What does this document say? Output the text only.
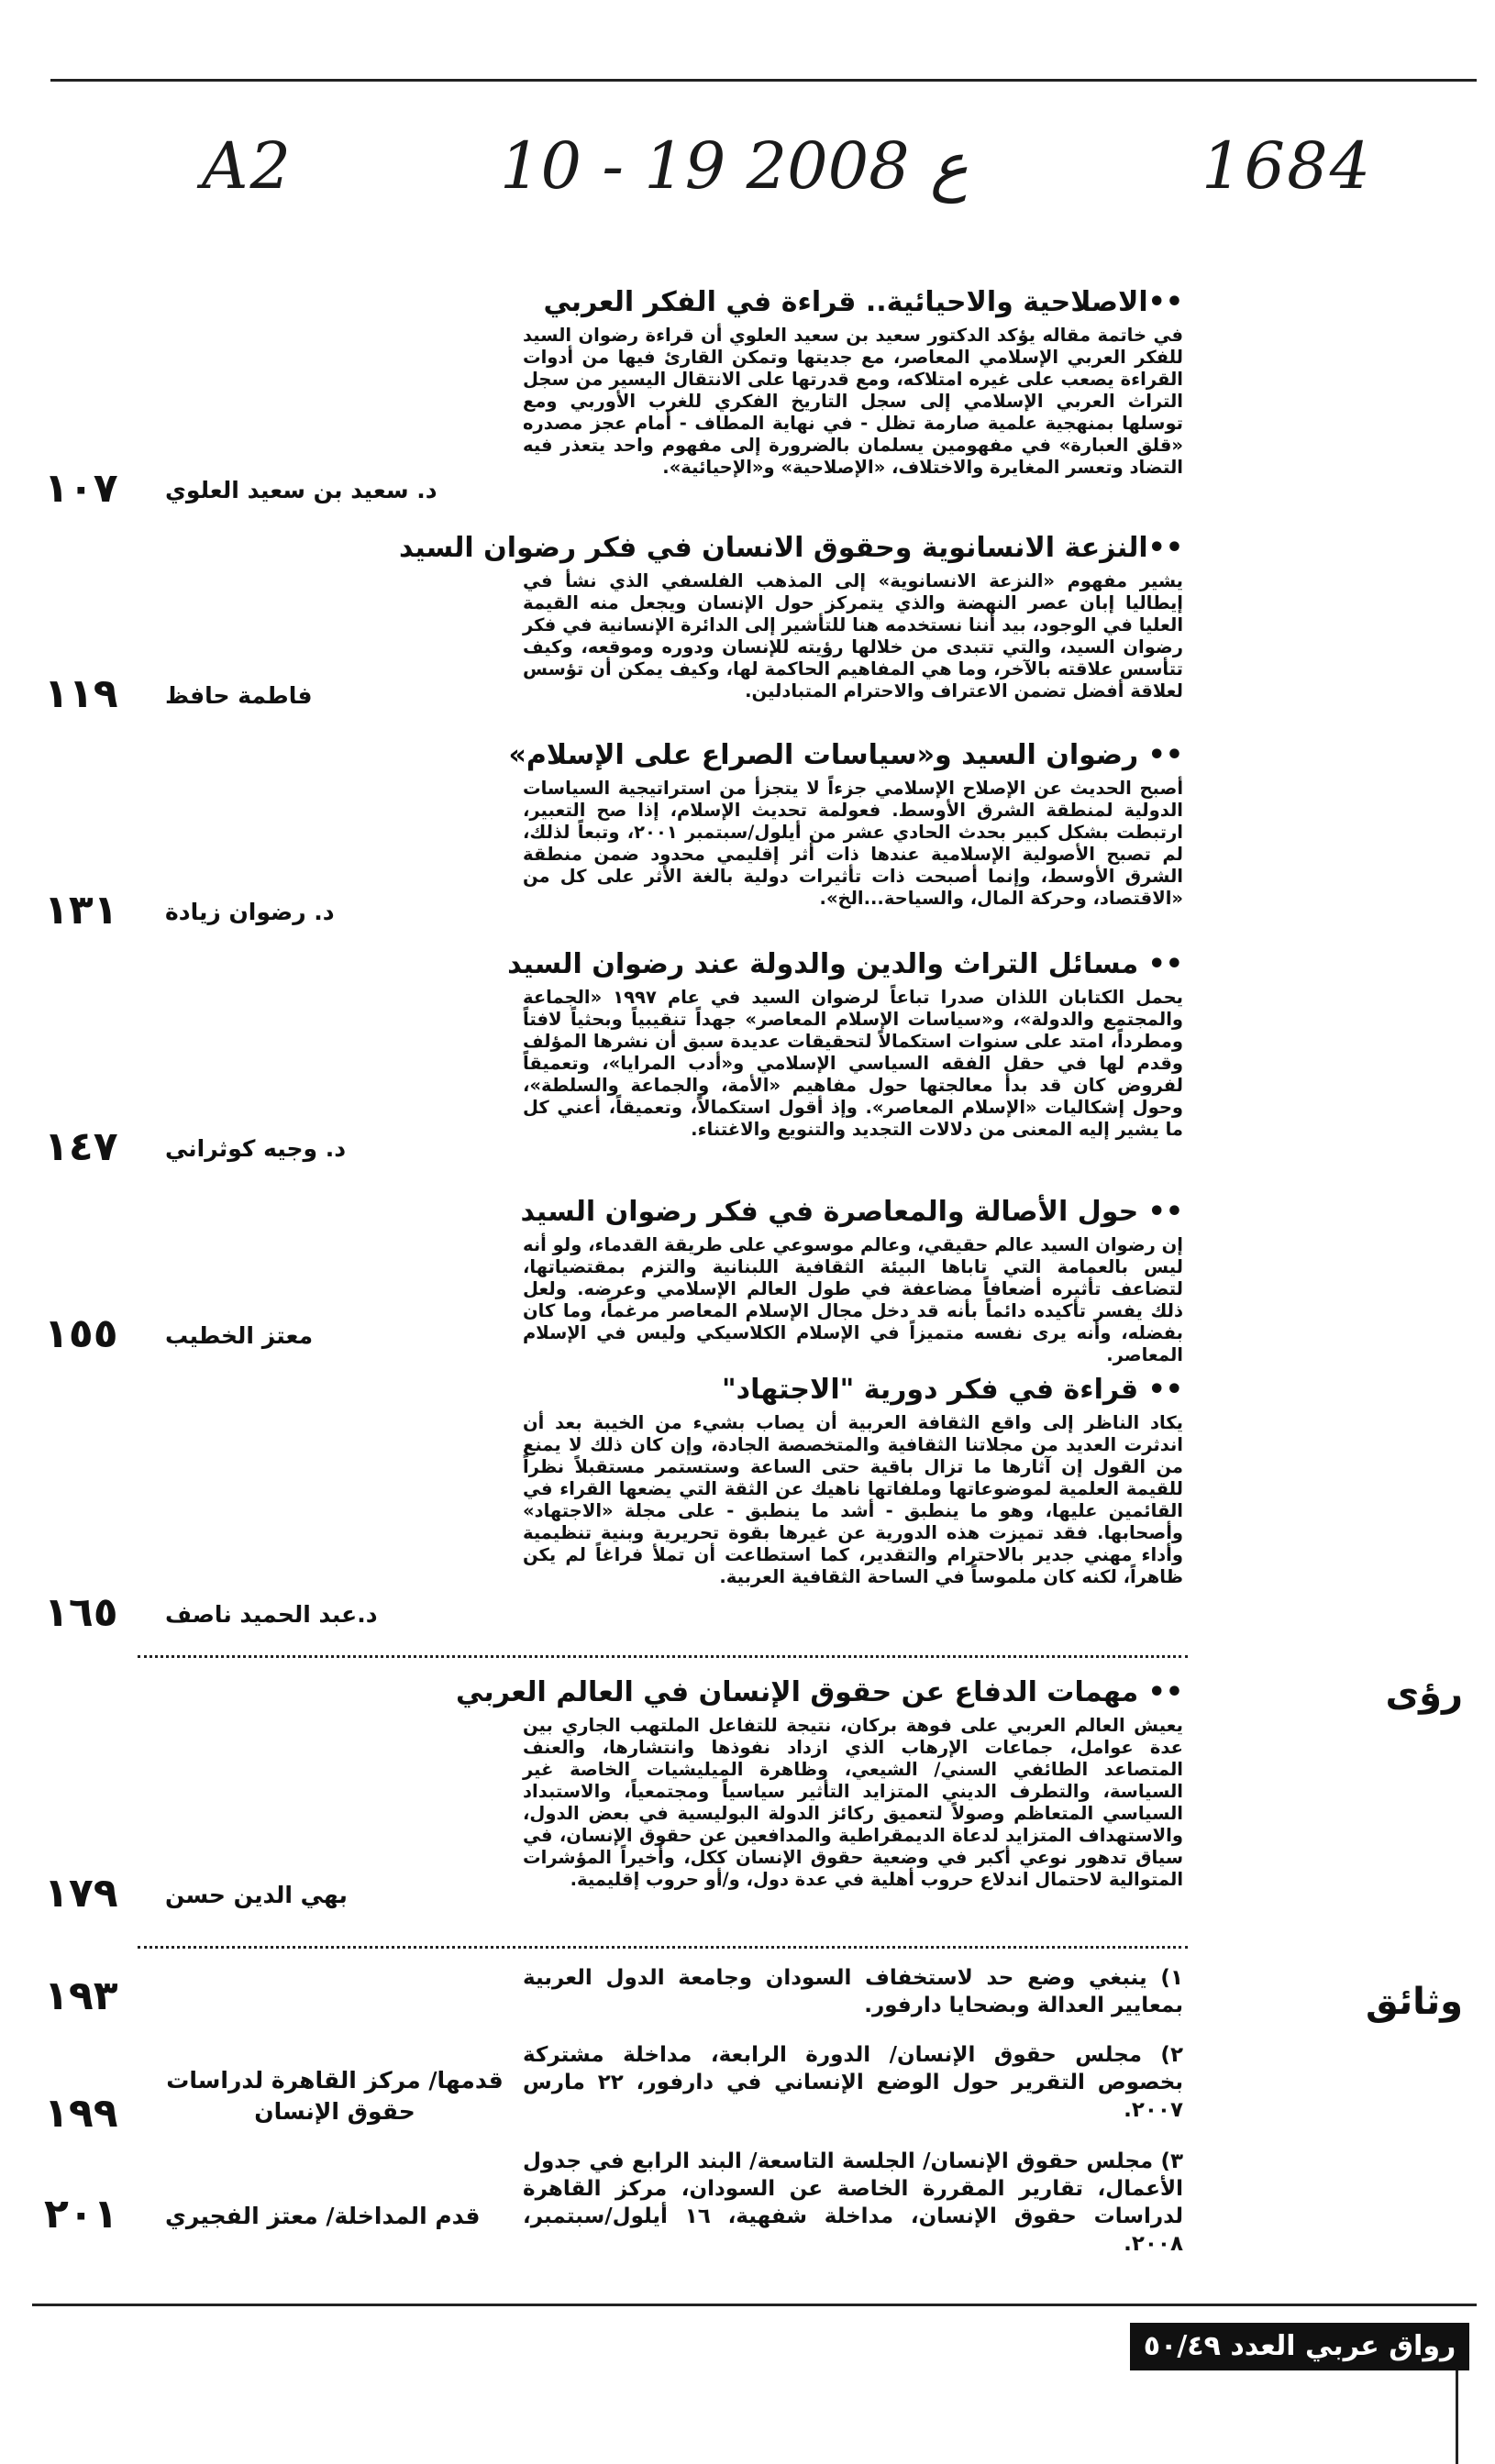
A2	10 - 19 ع 2008	1684
••الاصلاحية والاحيائية.. قراءة في الفكر العربي

في خاتمة مقاله يؤكد الدكتور سعيد بن سعيد العلوي أن قراءة رضوان السيد للفكر العربي الإسلامي المعاصر، مع جديتها وتمكن القارئ فيها من أدوات القراءة يصعب على غيره امتلاكه، ومع قدرتها على الانتقال اليسير من سجل التراث العربي الإسلامي إلى سجل التاريخ الفكري للغرب الأوربي ومع توسلها بمنهجية علمية صارمة تظل - في نهاية المطاف - أمام عجز مصدره «قلق العبارة» في مفهومين يسلمان بالضرورة إلى مفهوم واحد يتعذر فيه التضاد وتعسر المغايرة والاختلاف، «الإصلاحية» و«الإحيائية».

د. سعيد بن سعيد العلوي
١٠٧
••النزعة الانسانوية وحقوق الانسان في فكر رضوان السيد

يشير مفهوم «النزعة الانسانوية» إلى المذهب الفلسفي الذي نشأ في إيطاليا إبان عصر النهضة والذي يتمركز حول الإنسان ويجعل منه القيمة العليا في الوجود، بيد أننا نستخدمه هنا للتأشير إلى الدائرة الإنسانية في فكر رضوان السيد، والتي تتبدى من خلالها رؤيته للإنسان ودوره وموقعه، وكيف تتأسس علاقته بالآخر، وما هي المفاهيم الحاكمة لها، وكيف يمكن أن تؤسس لعلاقة أفضل تضمن الاعتراف والاحترام المتبادلين.

فاطمة حافظ
١١٩
•• رضوان السيد و«سياسات الصراع على الإسلام»

أصبح الحديث عن الإصلاح الإسلامي جزءاً لا يتجزأ من استراتيجية السياسات الدولية لمنطقة الشرق الأوسط. فعولمة تحديث الإسلام، إذا صح التعبير، ارتبطت بشكل كبير بحدث الحادي عشر من أيلول/سبتمبر ٢٠٠١، وتبعاً لذلك، لم تصبح الأصولية الإسلامية عندها ذات أثر إقليمي محدود ضمن منطقة الشرق الأوسط، وإنما أصبحت ذات تأثيرات دولية بالغة الأثر على كل من «الاقتصاد، وحركة المال، والسياحة...الخ».

د. رضوان زيادة
١٣١
•• مسائل التراث والدين والدولة عند رضوان السيد

يحمل الكتابان اللذان صدرا تباعاً لرضوان السيد في عام ١٩٩٧ «الجماعة والمجتمع والدولة»، و«سياسات الإسلام المعاصر» جهداً تنقيبياً وبحثياً لافتاً ومطرداً، امتد على سنوات استكمالاً لتحقيقات عديدة سبق أن نشرها المؤلف وقدم لها في حقل الفقه السياسي الإسلامي و«أدب المرايا»، وتعميقاً لفروض كان قد بدأ معالجتها حول مفاهيم «الأمة، والجماعة والسلطة»، وحول إشكاليات «الإسلام المعاصر». وإذ أقول استكمالاً، وتعميقاً، أعني كل ما يشير إليه المعنى من دلالات التجديد والتنويع والاغتناء.

د. وجيه كوثراني
١٤٧
•• حول الأصالة والمعاصرة في فكر رضوان السيد

إن رضوان السيد عالم حقيقي، وعالم موسوعي على طريقة القدماء، ولو أنه ليس بالعمامة التي تاباها البيئة الثقافية اللبنانية والتزم بمقتضياتها، لتضاعف تأثيره أضعافاً مضاعفة في طول العالم الإسلامي وعرضه. ولعل ذلك يفسر تأكيده دائماً بأنه قد دخل مجال الإسلام المعاصر مرغماً، وما كان بفضله، وأنه يرى نفسه متميزاً في الإسلام الكلاسيكي وليس في الإسلام المعاصر.

معتز الخطيب
١٥٥
•• قراءة في فكر دورية "الاجتهاد"

يكاد الناظر إلى واقع الثقافة العربية أن يصاب بشيء من الخيبة بعد أن اندثرت العديد من مجلاتنا الثقافية والمتخصصة الجادة، وإن كان ذلك لا يمنع من القول إن آثارها ما تزال باقية حتى الساعة وستستمر مستقبلاً نظراً للقيمة العلمية لموضوعاتها وملفاتها ناهيك عن الثقة التي يضعها القراء في القائمين عليها، وهو ما ينطبق - أشد ما ينطبق - على مجلة «الاجتهاد» وأصحابها. فقد تميزت هذه الدورية عن غيرها بقوة تحريرية وبنية تنظيمية وأداء مهني جدير بالاحترام والتقدير، كما استطاعت أن تملأ فراغاً لم يكن ظاهراً، لكنه كان ملموساً في الساحة الثقافية العربية.

د.عبد الحميد ناصف
١٦٥
رؤى
•• مهمات الدفاع عن حقوق الإنسان في العالم العربي

يعيش العالم العربي على فوهة بركان، نتيجة للتفاعل الملتهب الجاري بين عدة عوامل، جماعات الإرهاب الذي ازداد نفوذها وانتشارها، والعنف المتصاعد الطائفي السني/ الشيعي، وظاهرة الميليشيات الخاصة غير السياسة، والتطرف الديني المتزايد التأثير سياسياً ومجتمعياً، والاستبداد السياسي المتعاظم وصولاً لتعميق ركائز الدولة البوليسية في بعض الدول، والاستهداف المتزايد لدعاة الديمقراطية والمدافعين عن حقوق الإنسان، في سياق تدهور نوعي أكبر في وضعية حقوق الإنسان ككل، وأخيراً المؤشرات المتوالية لاحتمال اندلاع حروب أهلية في عدة دول، و/أو حروب إقليمية.

بهي الدين حسن
١٧٩
وثائق

١) ينبغي وضع حد لاستخفاف السودان وجامعة الدول العربية بمعايير العدالة وبضحايا دارفور.

١٩٣

٢) مجلس حقوق الإنسان/ الدورة الرابعة، مداخلة مشتركة بخصوص التقرير حول الوضع الإنساني في دارفور، ٢٢ مارس ٢٠٠٧.

قدمها/ مركز القاهرة لدراسات حقوق الإنسان
١٩٩

٣) مجلس حقوق الإنسان/ الجلسة التاسعة/ البند الرابع في جدول الأعمال، تقارير المقررة الخاصة عن السودان، مركز القاهرة لدراسات حقوق الإنسان، مداخلة شفهية، ١٦ أيلول/سبتمبر، ٢٠٠٨.

قدم المداخلة/ معتز الفجيري
٢٠١
رواق عربي العدد ٥٠/٤٩
